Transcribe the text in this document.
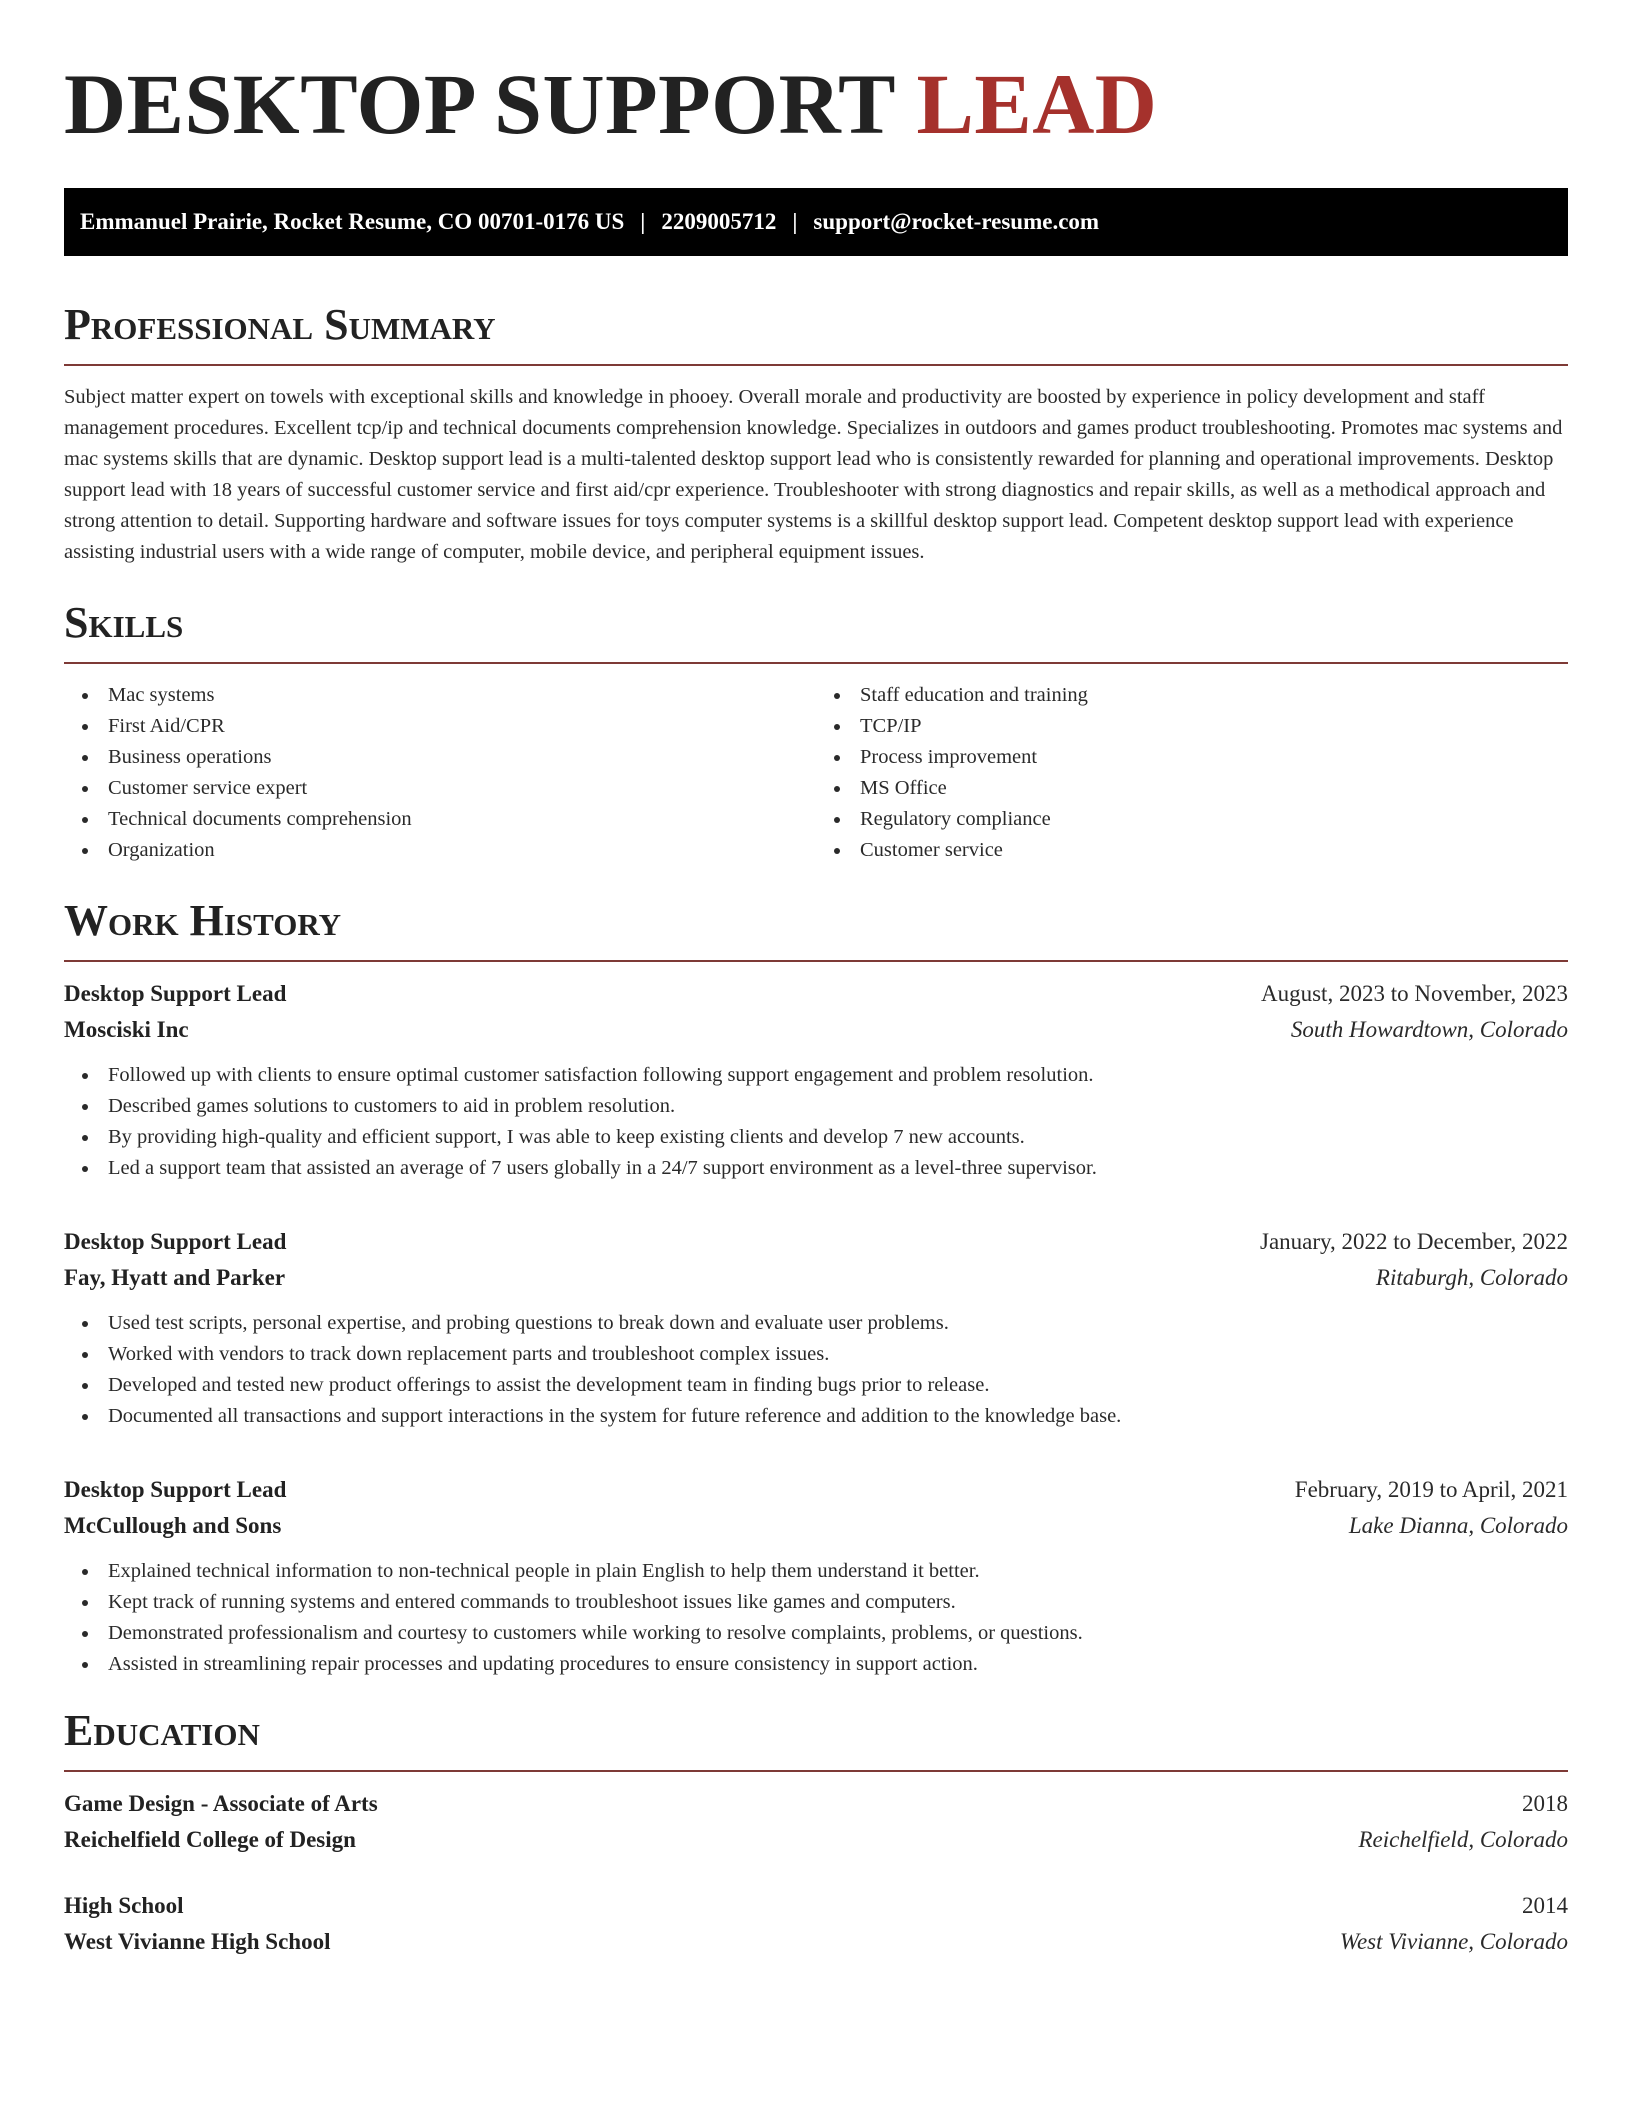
DESKTOP SUPPORT LEAD
Emmanuel Prairie, Rocket Resume, CO 00701-0176 US | 2209005712 | support@rocket-resume.com
Professional Summary

Subject matter expert on towels with exceptional skills and knowledge in phooey. Overall morale and productivity are boosted by experience in policy development and staff management procedures. Excellent tcp/ip and technical documents comprehension knowledge. Specializes in outdoors and games product troubleshooting. Promotes mac systems and mac systems skills that are dynamic. Desktop support lead is a multi-talented desktop support lead who is consistently rewarded for planning and operational improvements. Desktop support lead with 18 years of successful customer service and first aid/cpr experience. Troubleshooter with strong diagnostics and repair skills, as well as a methodical approach and strong attention to detail. Supporting hardware and software issues for toys computer systems is a skillful desktop support lead. Competent desktop support lead with experience assisting industrial users with a wide range of computer, mobile device, and peripheral equipment issues.

Skills
Mac systems
First Aid/CPR
Business operations
Customer service expert
Technical documents comprehension
Organization
Staff education and training
TCP/IP
Process improvement
MS Office
Regulatory compliance
Customer service
Work History
Desktop Support Lead	August, 2023 to November, 2023
Mosciski Inc	South Howardtown, Colorado
Followed up with clients to ensure optimal customer satisfaction following support engagement and problem resolution.
Described games solutions to customers to aid in problem resolution.
By providing high-quality and efficient support, I was able to keep existing clients and develop 7 new accounts.
Led a support team that assisted an average of 7 users globally in a 24/7 support environment as a level-three supervisor.
Desktop Support Lead	January, 2022 to December, 2022
Fay, Hyatt and Parker	Ritaburgh, Colorado
Used test scripts, personal expertise, and probing questions to break down and evaluate user problems.
Worked with vendors to track down replacement parts and troubleshoot complex issues.
Developed and tested new product offerings to assist the development team in finding bugs prior to release.
Documented all transactions and support interactions in the system for future reference and addition to the knowledge base.
Desktop Support Lead	February, 2019 to April, 2021
McCullough and Sons	Lake Dianna, Colorado
Explained technical information to non-technical people in plain English to help them understand it better.
Kept track of running systems and entered commands to troubleshoot issues like games and computers.
Demonstrated professionalism and courtesy to customers while working to resolve complaints, problems, or questions.
Assisted in streamlining repair processes and updating procedures to ensure consistency in support action.
Education
Game Design - Associate of Arts	2018
Reichelfield College of Design	Reichelfield, Colorado
High School	2014
West Vivianne High School	West Vivianne, Colorado
